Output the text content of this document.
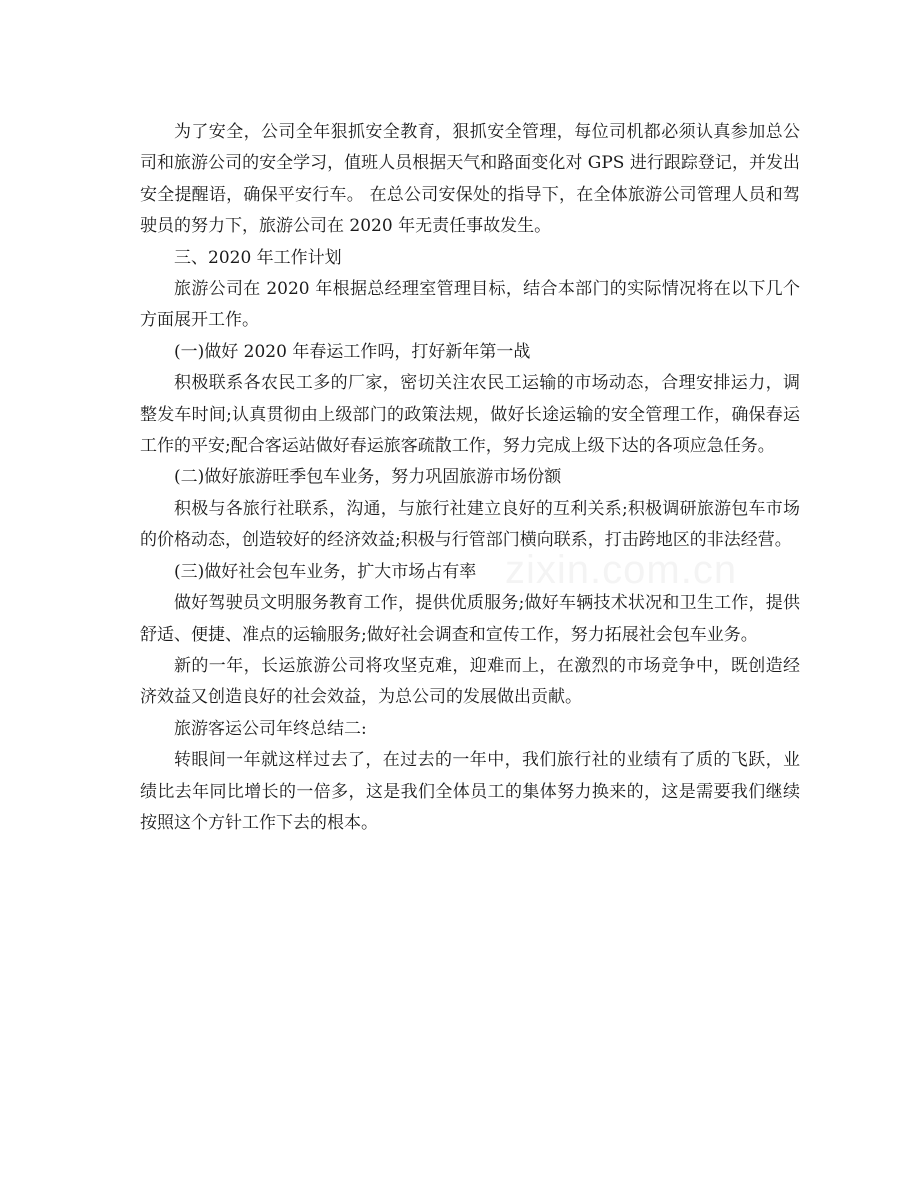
zixin.com.cn

为了安全，公司全年狠抓安全教育，狠抓安全管理，每位司机都必须认真参加总公司和旅游公司的安全学习，值班人员根据天气和路面变化对 GPS 进行跟踪登记，并发出安全提醒语，确保平安行车。 在总公司安保处的指导下，在全体旅游公司管理人员和驾驶员的努力下，旅游公司在 2020 年无责任事故发生。

三、2020 年工作计划

旅游公司在 2020 年根据总经理室管理目标，结合本部门的实际情况将在以下几个方面展开工作。

(一)做好 2020 年春运工作吗，打好新年第一战

积极联系各农民工多的厂家，密切关注农民工运输的市场动态，合理安排运力，调整发车时间;认真贯彻由上级部门的政策法规，做好长途运输的安全管理工作，确保春运工作的平安;配合客运站做好春运旅客疏散工作，努力完成上级下达的各项应急任务。

(二)做好旅游旺季包车业务，努力巩固旅游市场份额

积极与各旅行社联系，沟通，与旅行社建立良好的互利关系;积极调研旅游包车市场的价格动态，创造较好的经济效益;积极与行管部门横向联系，打击跨地区的非法经营。

(三)做好社会包车业务，扩大市场占有率

做好驾驶员文明服务教育工作，提供优质服务;做好车辆技术状况和卫生工作，提供舒适、便捷、准点的运输服务;做好社会调查和宣传工作，努力拓展社会包车业务。

新的一年，长运旅游公司将攻坚克难，迎难而上，在激烈的市场竞争中，既创造经济效益又创造良好的社会效益，为总公司的发展做出贡献。

旅游客运公司年终总结二:

转眼间一年就这样过去了，在过去的一年中，我们旅行社的业绩有了质的飞跃，业绩比去年同比增长的一倍多，这是我们全体员工的集体努力换来的，这是需要我们继续按照这个方针工作下去的根本。
